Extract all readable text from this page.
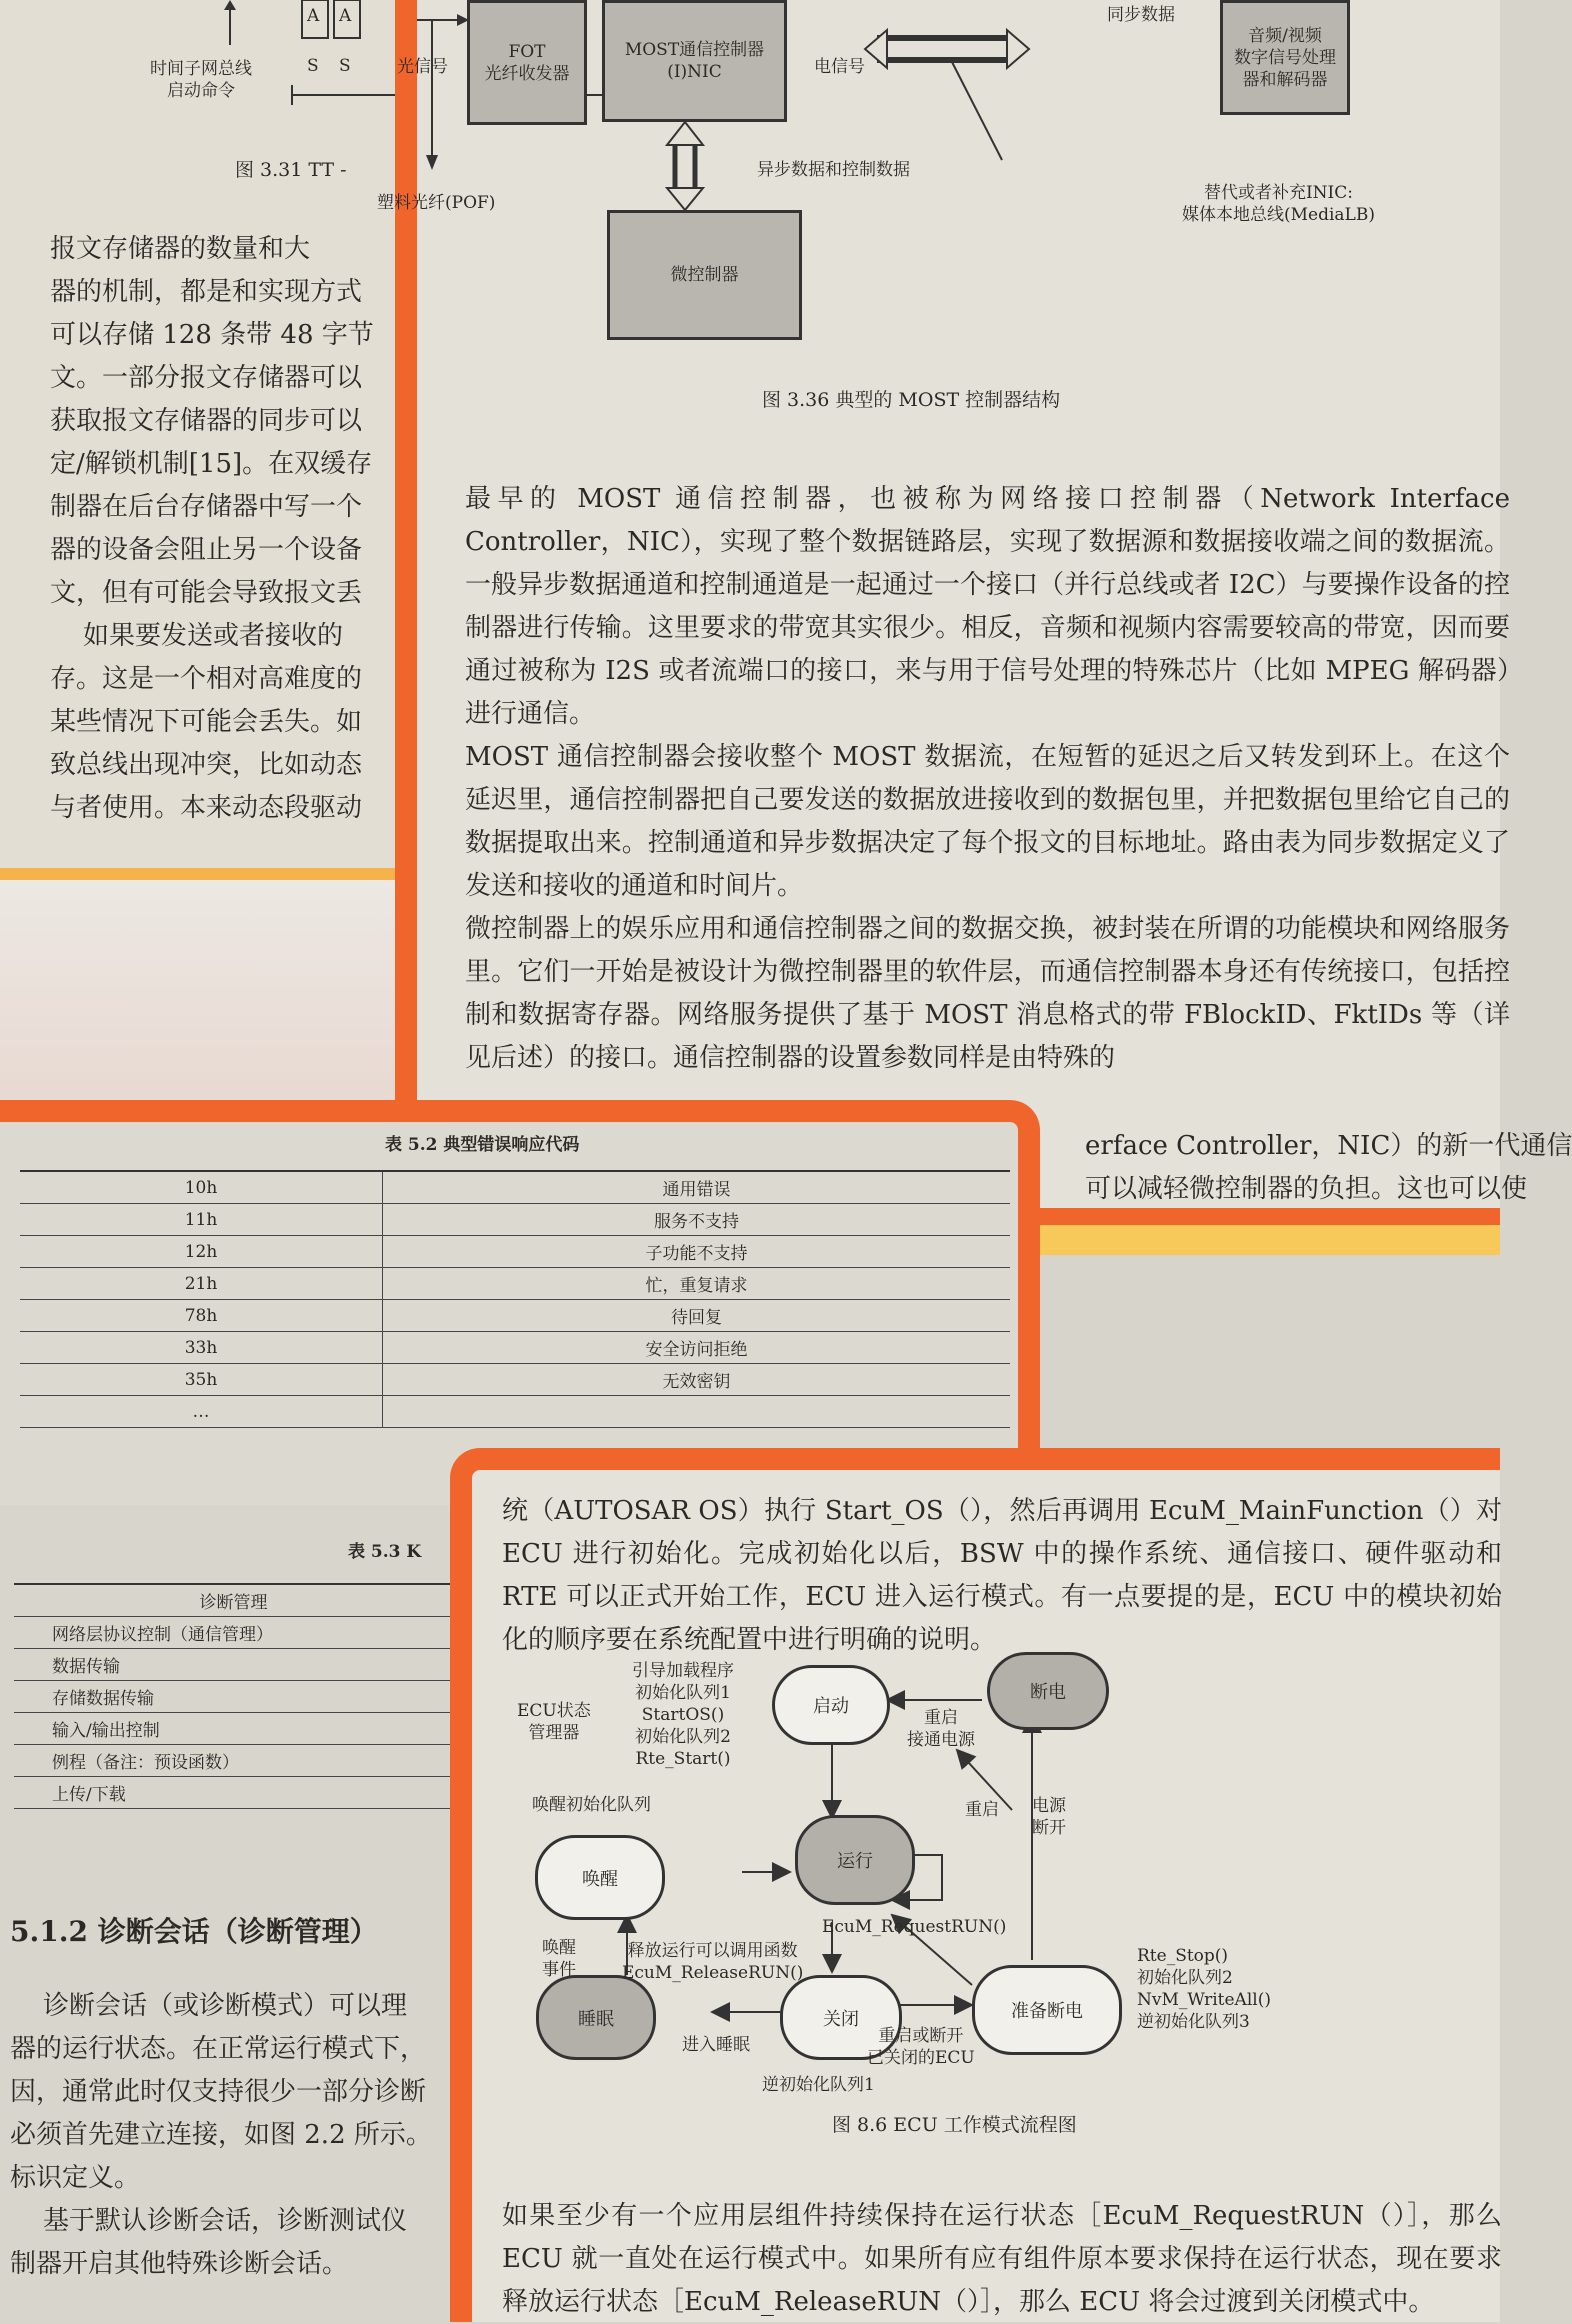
A A
S S
时间子网总线
启动命令
图 3.31 TT -

报文存储器的数量和大
器的机制，都是和实现方式
可以存储 128 条带 48 字节
文。一部分报文存储器可以
获取报文存储器的同步可以
定/解锁机制[15]。在双缓存
制器在后台存储器中写一个
器的设备会阻止另一个设备
文，但有可能会导致报文丢
如果要发送或者接收的
存。这是一个相对高难度的
某些情况下可能会丢失。如
致总线出现冲突，比如动态
与者使用。本来动态段驱动

FOT
光纤收发器
MOST通信控制器
(I)NIC
音频/视频
数字信号处理
器和解码器
微控制器
光信号	电信号
同步数据
塑料光纤(POF)
异步数据和控制数据
替代或者补充INIC:
媒体本地总线(MediaLB)
图 3.36 典型的 MOST 控制器结构

最早的 MOST 通信控制器，也被称为网络接口控制器（Network Interface Controller，NIC），实现了整个数据链路层，实现了数据源和数据接收端之间的数据流。一般异步数据通道和控制通道是一起通过一个接口（并行总线或者 I2C）与要操作设备的控制器进行传输。这里要求的带宽其实很少。相反，音频和视频内容需要较高的带宽，因而要通过被称为 I2S 或者流端口的接口，来与用于信号处理的特殊芯片（比如 MPEG 解码器）进行通信。

MOST 通信控制器会接收整个 MOST 数据流，在短暂的延迟之后又转发到环上。在这个延迟里，通信控制器把自己要发送的数据放进接收到的数据包里，并把数据包里给它自己的数据提取出来。控制通道和异步数据决定了每个报文的目标地址。路由表为同步数据定义了发送和接收的通道和时间片。

微控制器上的娱乐应用和通信控制器之间的数据交换，被封装在所谓的功能模块和网络服务里。它们一开始是被设计为微控制器里的软件层，而通信控制器本身还有传统接口，包括控制和数据寄存器。网络服务提供了基于 MOST 消息格式的带 FBlockID、FktIDs 等（详见后述）的接口。通信控制器的设置参数同样是由特殊的

erface Controller，NIC）的新一代通信
可以减轻微控制器的负担。这也可以使
表 5.2 典型错误响应代码
10h	通用错误
11h	服务不支持
12h	子功能不支持
21h	忙，重复请求
78h	待回复
33h	安全访问拒绝
35h	无效密钥
…	
表 5.3 K
诊断管理
网络层协议控制（通信管理）
数据传输
存储数据传输
输入/输出控制
例程（备注：预设函数）
上传/下载
5.1.2 诊断会话（诊断管理）

诊断会话（或诊断模式）可以理
器的运行状态。在正常运行模式下，
因，通常此时仅支持很少一部分诊断
必须首先建立连接，如图 2.2 所示。
标识定义。
基于默认诊断会话，诊断测试仪
制器开启其他特殊诊断会话。

统（AUTOSAR OS）执行 Start_OS（），然后再调用 EcuM_MainFunction（）对 ECU 进行初始化。完成初始化以后，BSW 中的操作系统、通信接口、硬件驱动和 RTE 可以正式开始工作，ECU 进入运行模式。有一点要提的是，ECU 中的模块初始化的顺序要在系统配置中进行明确的说明。

启动
断电
运行
唤醒
睡眠	关闭	准备断电
ECU状态
管理器
引导加载程序
初始化队列1
StartOS()
初始化队列2
Rte_Start()
重启
接通电源
重启 电源
断开
唤醒初始化队列
EcuM_RequestRUN()
唤醒
事件
释放运行可以调用函数
EcuM_ReleaseRUN()
进入睡眠
逆初始化队列1
重启或断开
已关闭的ECU
Rte_Stop()
初始化队列2
NvM_WriteAll()
逆初始化队列3
图 8.6 ECU 工作模式流程图

如果至少有一个应用层组件持续保持在运行状态［EcuM_RequestRUN（）］，那么 ECU 就一直处在运行模式中。如果所有应有组件原本要求保持在运行状态，现在要求释放运行状态［EcuM_ReleaseRUN（）］，那么 ECU 将会过渡到关闭模式中。
